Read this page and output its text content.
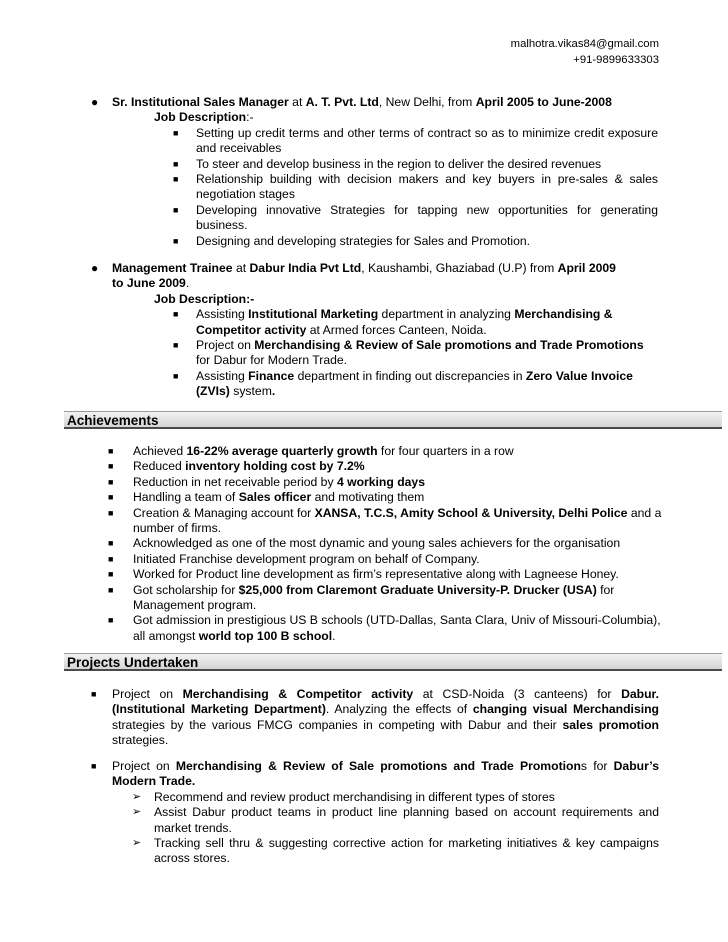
malhotra.vikas84@gmail.com
+91-9899633303
● Sr. Institutional Sales Manager at A. T. Pvt. Ltd, New Delhi, from April 2005 to June-2008
Job Description:-
■ Setting up credit terms and other terms of contract so as to minimize credit exposure and receivables
■ To steer and develop business in the region to deliver the desired revenues
■ Relationship building with decision makers and key buyers in pre-sales & sales negotiation stages
■ Developing innovative Strategies for tapping new opportunities for generating business.
■ Designing and developing strategies for Sales and Promotion.
● Management Trainee at Dabur India Pvt Ltd, Kaushambi, Ghaziabad (U.P) from April 2009
to June 2009.
Job Description:-
■ Assisting Institutional Marketing department in analyzing Merchandising & Competitor activity at Armed forces Canteen, Noida.
■ Project on Merchandising & Review of Sale promotions and Trade Promotions for Dabur for Modern Trade.
■ Assisting Finance department in finding out discrepancies in Zero Value Invoice (ZVIs) system.
Achievements
■ Achieved 16-22% average quarterly growth for four quarters in a row
■ Reduced inventory holding cost by 7.2%
■ Reduction in net receivable period by 4 working days
■ Handling a team of Sales officer and motivating them
■ Creation & Managing account for XANSA, T.C.S, Amity School & University, Delhi Police and a number of firms.
■ Acknowledged as one of the most dynamic and young sales achievers for the organisation
■ Initiated Franchise development program on behalf of Company.
■ Worked for Product line development as firm’s representative along with Lagneese Honey.
■ Got scholarship for $25,000 from Claremont Graduate University-P. Drucker (USA) for Management program.
■ Got admission in prestigious US B schools (UTD-Dallas, Santa Clara, Univ of Missouri-Columbia), all amongst world top 100 B school.
Projects Undertaken
■ Project on Merchandising & Competitor activity at CSD-Noida (3 canteens) for Dabur. (Institutional Marketing Department). Analyzing the effects of changing visual Merchandising strategies by the various FMCG companies in competing with Dabur and their sales promotion strategies.
■ Project on Merchandising & Review of Sale promotions and Trade Promotions for Dabur’s Modern Trade.
➢ Recommend and review product merchandising in different types of stores
➢ Assist Dabur product teams in product line planning based on account requirements and market trends.
➢ Tracking sell thru & suggesting corrective action for marketing initiatives & key campaigns across stores.
